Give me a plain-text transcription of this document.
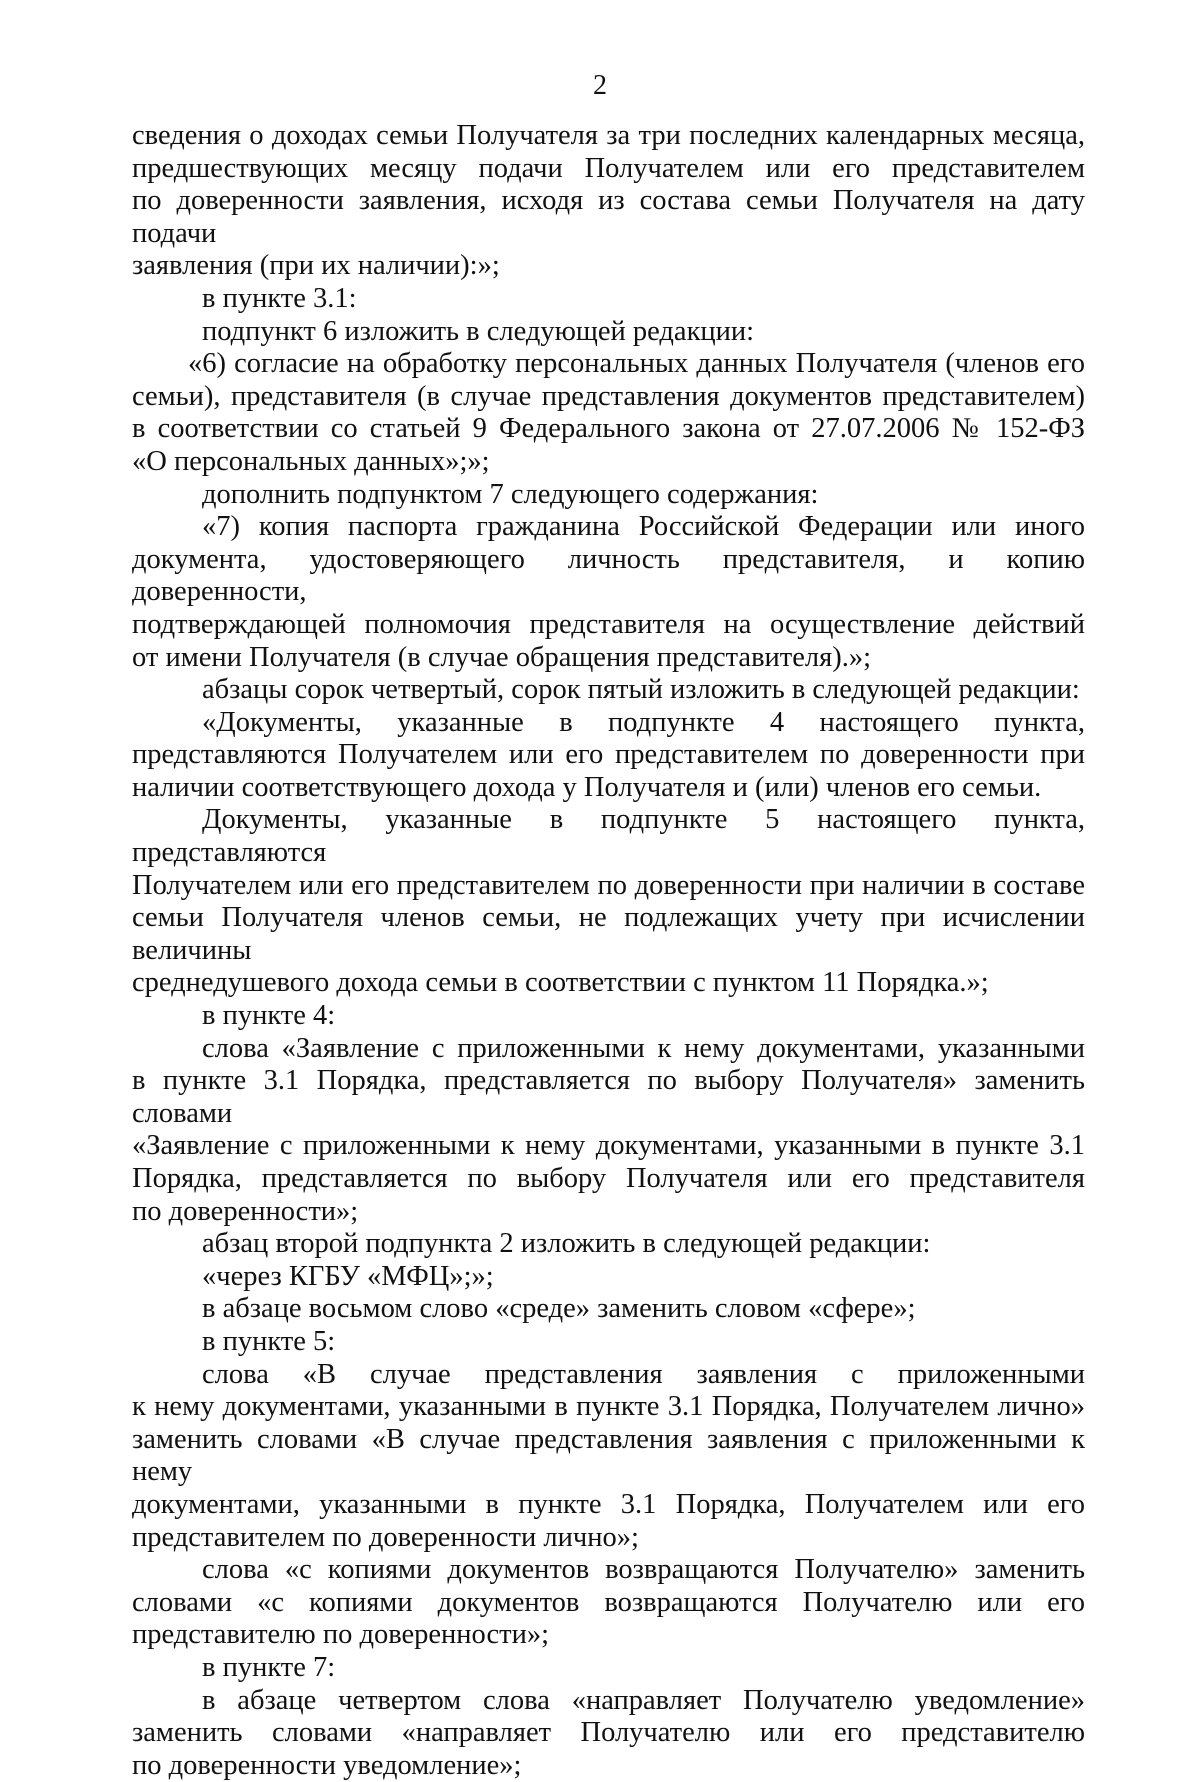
2
сведения о доходах семьи Получателя за три последних календарных месяца,
предшествующих месяцу подачи Получателем или его представителем
по доверенности заявления, исходя из состава семьи Получателя на дату подачи
заявления (при их наличии):»;
в пункте 3.1:
подпункт 6 изложить в следующей редакции:
«6) согласие на обработку персональных данных Получателя (членов его
семьи), представителя (в случае представления документов представителем)
в соответствии со статьей 9 Федерального закона от 27.07.2006 № 152-ФЗ
«О персональных данных»;»;
дополнить подпунктом 7 следующего содержания:
«7) копия паспорта гражданина Российской Федерации или иного
документа, удостоверяющего личность представителя, и копию доверенности,
подтверждающей полномочия представителя на осуществление действий
от имени Получателя (в случае обращения представителя).»;
абзацы сорок четвертый, сорок пятый изложить в следующей редакции:
«Документы, указанные в подпункте 4 настоящего пункта,
представляются Получателем или его представителем по доверенности при
наличии соответствующего дохода у Получателя и (или) членов его семьи.
Документы, указанные в подпункте 5 настоящего пункта, представляются
Получателем или его представителем по доверенности при наличии в составе
семьи Получателя членов семьи, не подлежащих учету при исчислении величины
среднедушевого дохода семьи в соответствии с пунктом 11 Порядка.»;
в пункте 4:
слова «Заявление с приложенными к нему документами, указанными
в пункте 3.1 Порядка, представляется по выбору Получателя» заменить словами
«Заявление с приложенными к нему документами, указанными в пункте 3.1
Порядка, представляется по выбору Получателя или его представителя
по доверенности»;
абзац второй подпункта 2 изложить в следующей редакции:
«через КГБУ «МФЦ»;»;
в абзаце восьмом слово «среде» заменить словом «сфере»;
в пункте 5:
слова «В случае представления заявления с приложенными
к нему документами, указанными в пункте 3.1 Порядка, Получателем лично»
заменить словами «В случае представления заявления с приложенными к нему
документами, указанными в пункте 3.1 Порядка, Получателем или его
представителем по доверенности лично»;
слова «с копиями документов возвращаются Получателю» заменить
словами «с копиями документов возвращаются Получателю или его
представителю по доверенности»;
в пункте 7:
в абзаце четвертом слова «направляет Получателю уведомление»
заменить словами «направляет Получателю или его представителю
по доверенности уведомление»;
